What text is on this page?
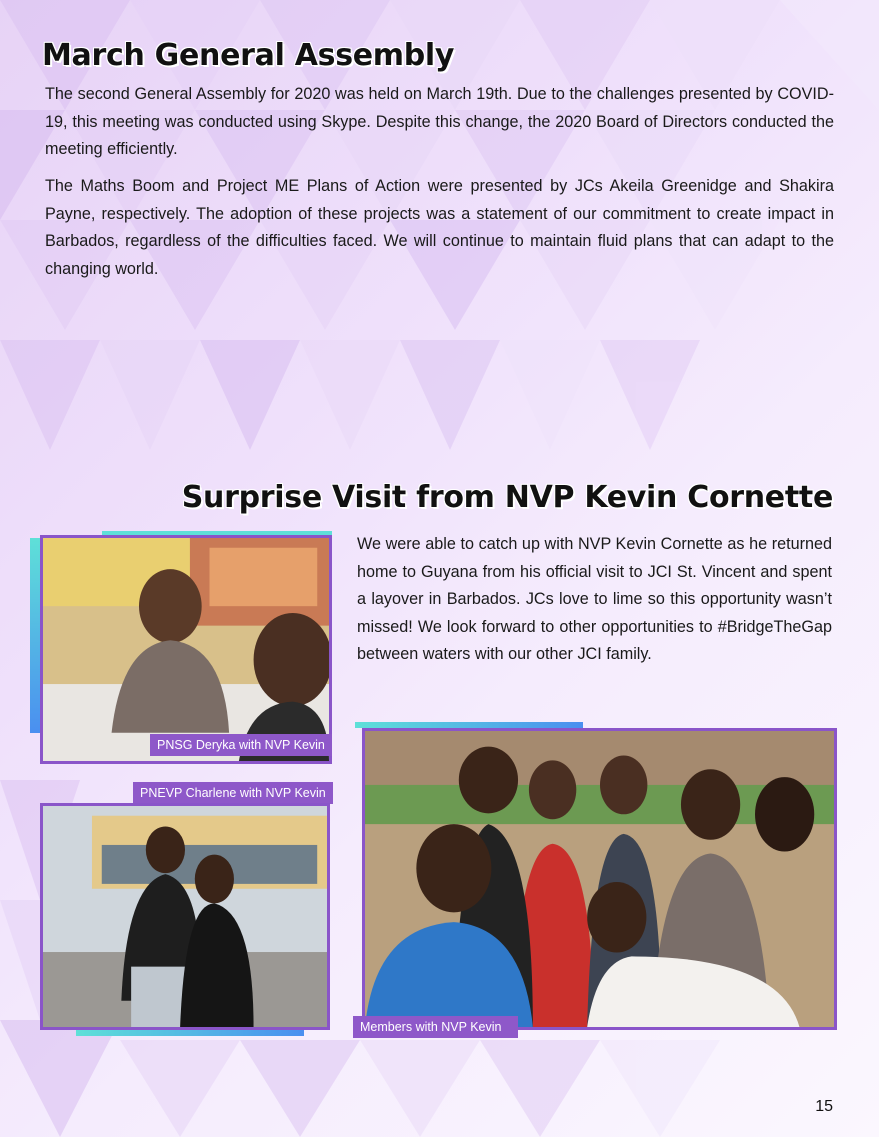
March General Assembly

The second General Assembly for 2020 was held on March 19th. Due to the challenges presented by COVID-19, this meeting was conducted using Skype. Despite this change, the 2020 Board of Directors conducted the meeting efficiently.

The Maths Boom and Project ME Plans of Action were presented by JCs Akeila Greenidge and Shakira Payne, respectively. The adoption of these projects was a statement of our commitment to create impact in Barbados, regardless of the difficulties faced. We will continue to maintain fluid plans that can adapt to the changing world.

Surprise Visit from NVP Kevin Cornette

We were able to catch up with NVP Kevin Cornette as he returned home to Guyana from his official visit to JCI St. Vincent and spent a layover in Barbados. JCs love to lime so this opportunity wasn’t missed! We look forward to other opportunities to #BridgeTheGap between waters with our other JCI family.

PNSG Deryka with NVP Kevin
PNEVP Charlene with NVP Kevin
Members with NVP Kevin
15
